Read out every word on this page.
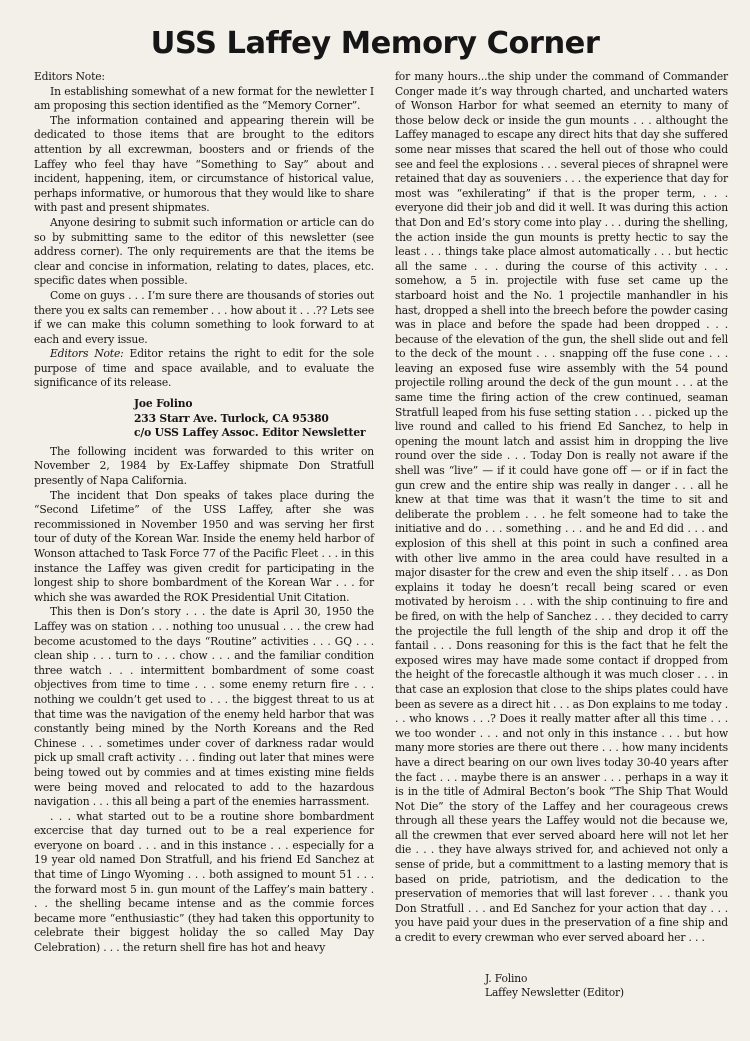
USS Laffey Memory Corner

Editors Note:

In establishing somewhat of a new format for the newletter I am proposing this section identified as the “Memory Corner”.

The information contained and appearing therein will be dedicated to those items that are brought to the editors attention by all excrewman, boosters and or friends of the Laffey who feel thay have “Something to Say” about and incident, happening, item, or circumstance of historical value, perhaps informative, or humorous that they would like to share with past and present shipmates.

Anyone desiring to submit such information or article can do so by submitting same to the editor of this newsletter (see address corner). The only requirements are that the items be clear and concise in information, relating to dates, places, etc. specific dates when possible.

Come on guys . . . I’m sure there are thousands of stories out there you ex salts can remember . . . how about it . . .?? Lets see if we can make this column something to look forward to at each and every issue.

Editors Note: Editor retains the right to edit for the sole purpose of time and space available, and to evaluate the significance of its release.

Joe Folino
233 Starr Ave. Turlock, CA 95380
c/o USS Laffey Assoc. Editor Newsletter

The following incident was forwarded to this writer on November 2, 1984 by Ex-Laffey shipmate Don Stratfull presently of Napa California.

The incident that Don speaks of takes place during the “Second Lifetime” of the USS Laffey, after she was recommissioned in November 1950 and was serving her first tour of duty of the Korean War. Inside the enemy held harbor of Wonson attached to Task Force 77 of the Pacific Fleet . . . in this instance the Laffey was given credit for participating in the longest ship to shore bombardment of the Korean War . . . for which she was awarded the ROK Presidential Unit Citation.

This then is Don’s story . . . the date is April 30, 1950 the Laffey was on station . . . nothing too unusual . . . the crew had become acustomed to the days “Routine” activities . . . GQ . . . clean ship . . . turn to . . . chow . . . and the familiar condition three watch . . . intermittent bombardment of some coast objectives from time to time . . . some enemy return fire . . . nothing we couldn’t get used to . . . the biggest threat to us at that time was the navigation of the enemy held harbor that was constantly being mined by the North Koreans and the Red Chinese . . . sometimes under cover of darkness radar would pick up small craft activity . . . finding out later that mines were being towed out by commies and at times existing mine fields were being moved and relocated to add to the hazardous navigation . . . this all being a part of the enemies harrassment.

. . . what started out to be a routine shore bombardment excercise that day turned out to be a real experience for everyone on board . . . and in this instance . . . especially for a 19 year old named Don Stratfull, and his friend Ed Sanchez at that time of Lingo Wyoming . . . both assigned to mount 51 . . . the forward most 5 in. gun mount of the Laffey’s main battery . . . the shelling became intense and as the commie forces became more “enthusiastic” (they had taken this opportunity to celebrate their biggest holiday the so called May Day Celebration) . . . the return shell fire has hot and heavy

for many hours...the ship under the command of Commander Conger made it’s way through charted, and uncharted waters of Wonson Harbor for what seemed an eternity to many of those below deck or inside the gun mounts . . . althought the Laffey managed to escape any direct hits that day she suffered some near misses that scared the hell out of those who could see and feel the explosions . . . several pieces of shrapnel were retained that day as souveniers . . . the experience that day for most was “exhilerating” if that is the proper term, . . . everyone did their job and did it well. It was during this action that Don and Ed’s story come into play . . . during the shelling, the action inside the gun mounts is pretty hectic to say the least . . . things take place almost automatically . . . but hectic all the same . . . during the course of this activity . . . somehow, a 5 in. projectile with fuse set came up the starboard hoist and the No. 1 projectile manhandler in his hast, dropped a shell into the breech before the powder casing was in place and before the spade had been dropped . . . because of the elevation of the gun, the shell slide out and fell to the deck of the mount . . . snapping off the fuse cone . . . leaving an exposed fuse wire assembly with the 54 pound projectile rolling around the deck of the gun mount . . . at the same time the firing action of the crew continued, seaman Stratfull leaped from his fuse setting station . . . picked up the live round and called to his friend Ed Sanchez, to help in opening the mount latch and assist him in dropping the live round over the side . . . Today Don is really not aware if the shell was “live” — if it could have gone off — or if in fact the gun crew and the entire ship was really in danger . . . all he knew at that time was that it wasn’t the time to sit and deliberate the problem . . . he felt someone had to take the initiative and do . . . something . . . and he and Ed did . . . and explosion of this shell at this point in such a confined area with other live ammo in the area could have resulted in a major disaster for the crew and even the ship itself . . . as Don explains it today he doesn’t recall being scared or even motivated by heroism . . . with the ship continuing to fire and be fired, on with the help of Sanchez . . . they decided to carry the projectile the full length of the ship and drop it off the fantail . . . Dons reasoning for this is the fact that he felt the exposed wires may have made some contact if dropped from the height of the forecastle although it was much closer . . . in that case an explosion that close to the ships plates could have been as severe as a direct hit . . . as Don explains to me today . . . who knows . . .? Does it really matter after all this time . . . we too wonder . . . and not only in this instance . . . but how many more stories are there out there . . . how many incidents have a direct bearing on our own lives today 30-40 years after the fact . . . maybe there is an answer . . . perhaps in a way it is in the title of Admiral Becton’s book “The Ship That Would Not Die” the story of the Laffey and her courageous crews through all these years the Laffey would not die because we, all the crewmen that ever served aboard here will not let her die . . . they have always strived for, and achieved not only a sense of pride, but a committment to a lasting memory that is based on pride, patriotism, and the dedication to the preservation of memories that will last forever . . . thank you Don Stratfull . . . and Ed Sanchez for your action that day . . . you have paid your dues in the preservation of a fine ship and a credit to every crewman who ever served aboard her . . .

J. Folino
Laffey Newsletter (Editor)
